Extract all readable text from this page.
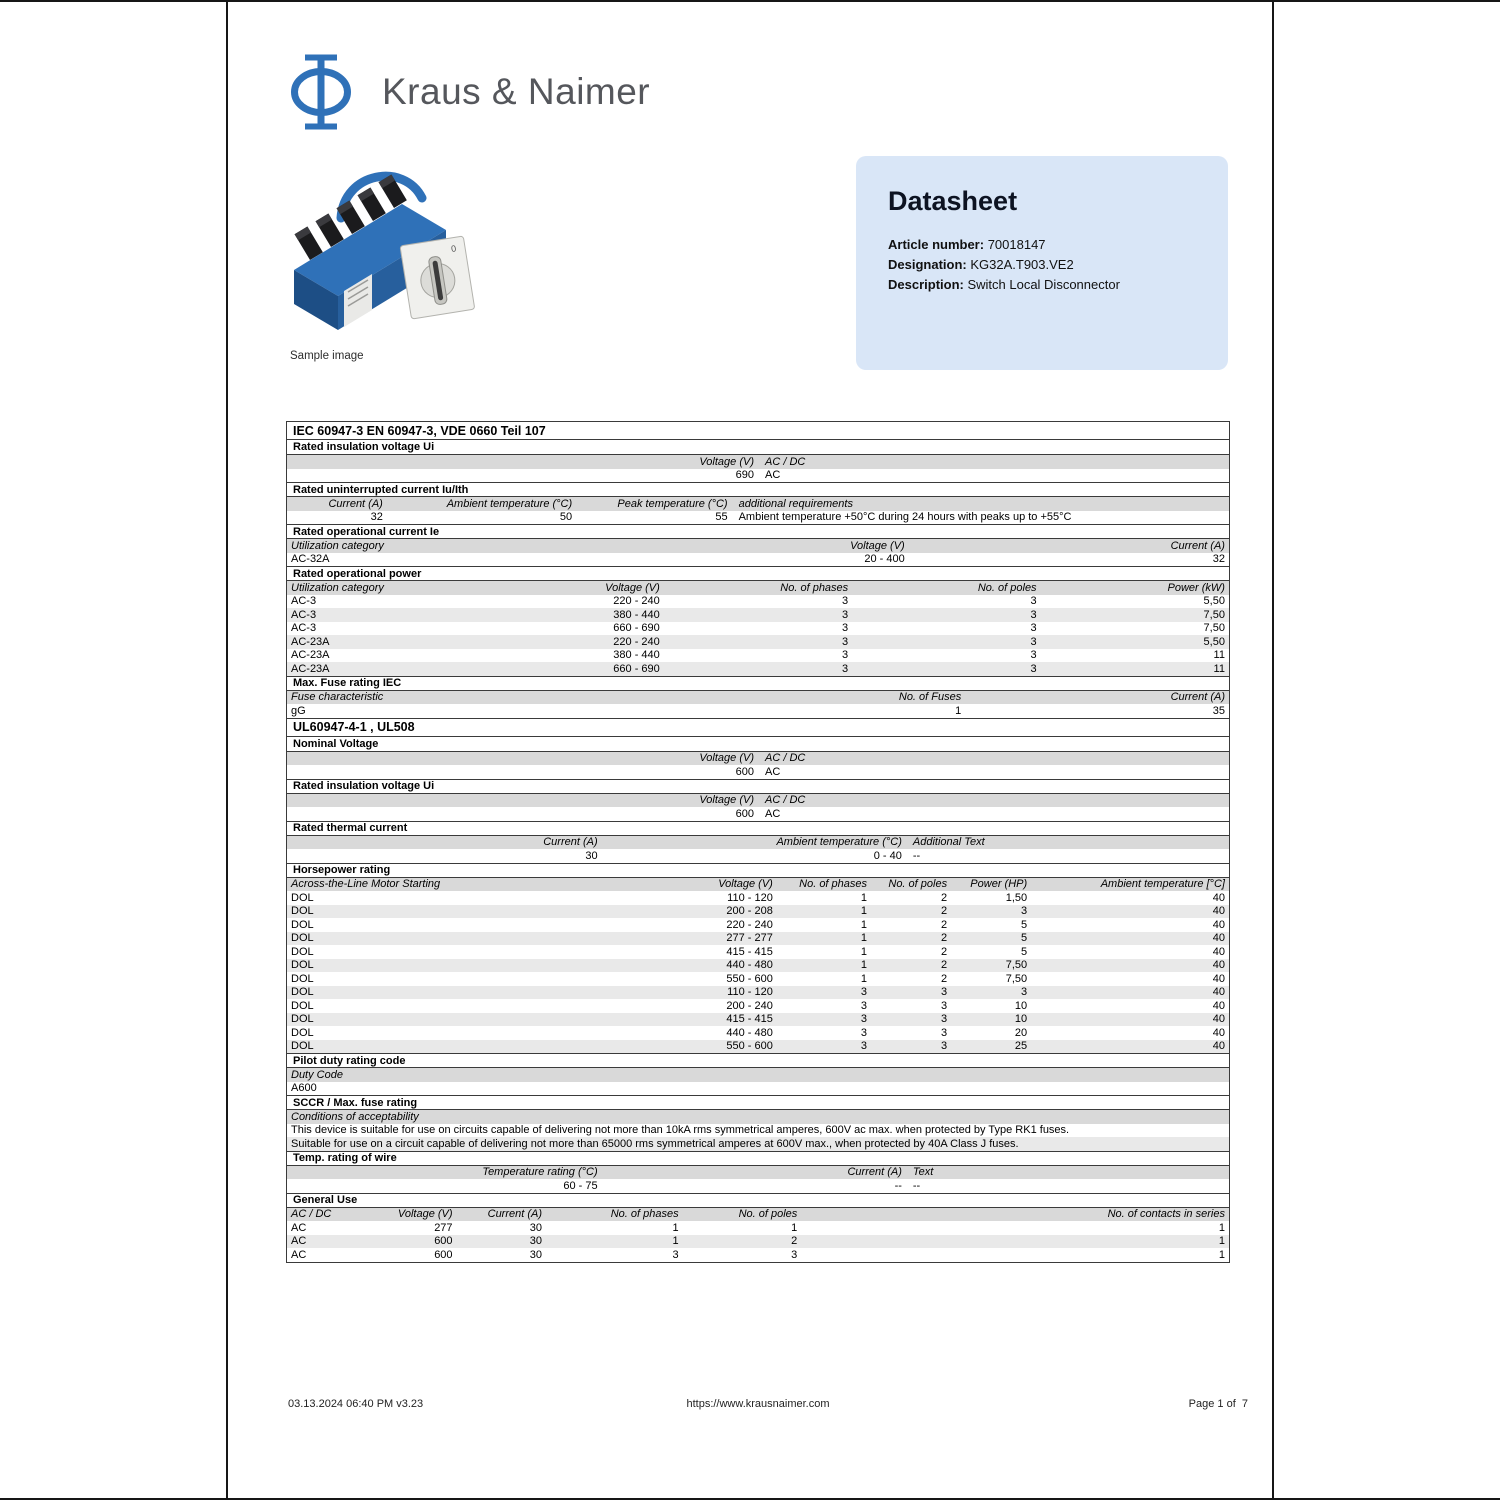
Kraus & Naimer
0
Sample image
Datasheet
Article number: 70018147
Designation: KG32A.T903.VE2
Description: Switch Local Disconnector
IEC 60947-3 EN 60947-3, VDE 0660 Teil 107
Rated insulation voltage Ui
Voltage (V)	AC / DC
690	AC
Rated uninterrupted current Iu/Ith
Current (A)	Ambient temperature (°C)	Peak temperature (°C)	additional requirements
32	50	55	Ambient temperature +50°C during 24 hours with peaks up to +55°C
Rated operational current Ie
Utilization category	Voltage (V)	Current (A)
AC-32A	20 - 400	32
Rated operational power
Utilization category	Voltage (V)	No. of phases	No. of poles	Power (kW)
AC-3	220 - 240	3	3	5,50
AC-3	380 - 440	3	3	7,50
AC-3	660 - 690	3	3	7,50
AC-23A	220 - 240	3	3	5,50
AC-23A	380 - 440	3	3	11
AC-23A	660 - 690	3	3	11
Max. Fuse rating IEC
Fuse characteristic	No. of Fuses	Current (A)
gG	1	35
UL60947-4-1 , UL508
Nominal Voltage
Voltage (V)	AC / DC
600	AC
Rated insulation voltage Ui
Voltage (V)	AC / DC
600	AC
Rated thermal current
Current (A)	Ambient temperature (°C)	Additional Text
30	0 - 40	--
Horsepower rating
Across-the-Line Motor Starting	Voltage (V)	No. of phases	No. of poles	Power (HP)	Ambient temperature [°C]
DOL	110 - 120	1	2	1,50	40
DOL	200 - 208	1	2	3	40
DOL	220 - 240	1	2	5	40
DOL	277 - 277	1	2	5	40
DOL	415 - 415	1	2	5	40
DOL	440 - 480	1	2	7,50	40
DOL	550 - 600	1	2	7,50	40
DOL	110 - 120	3	3	3	40
DOL	200 - 240	3	3	10	40
DOL	415 - 415	3	3	10	40
DOL	440 - 480	3	3	20	40
DOL	550 - 600	3	3	25	40
Pilot duty rating code
Duty Code
A600
SCCR / Max. fuse rating
Conditions of acceptability
This device is suitable for use on circuits capable of delivering not more than 10kA rms symmetrical amperes, 600V ac max. when protected by Type RK1 fuses.
Suitable for use on a circuit capable of delivering not more than 65000 rms symmetrical amperes at 600V max., when protected by 40A Class J fuses.
Temp. rating of wire
Temperature rating (°C)	Current (A)	Text
60 - 75	--	--
General Use
AC / DC	Voltage (V)	Current (A)	No. of phases	No. of poles	No. of contacts in series
AC	277	30	1	1	1
AC	600	30	1	2	1
AC	600	30	3	3	1
03.13.2024 06:40 PM v3.23	https://www.krausnaimer.com	Page 1 of  7
